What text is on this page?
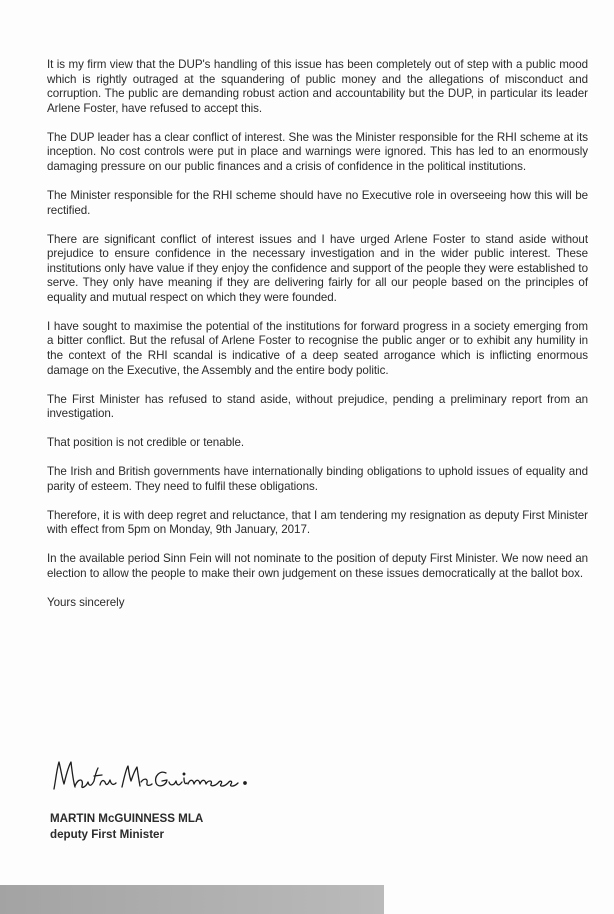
It is my firm view that the DUP's handling of this issue has been completely out of step with a public mood which is rightly outraged at the squandering of public money and the allegations of misconduct and corruption. The public are demanding robust action and accountability but the DUP, in particular its leader Arlene Foster, have refused to accept this.

The DUP leader has a clear conflict of interest. She was the Minister responsible for the RHI scheme at its inception. No cost controls were put in place and warnings were ignored. This has led to an enormously damaging pressure on our public finances and a crisis of confidence in the political institutions.

The Minister responsible for the RHI scheme should have no Executive role in overseeing how this will be rectified.

There are significant conflict of interest issues and I have urged Arlene Foster to stand aside without prejudice to ensure confidence in the necessary investigation and in the wider public interest. These institutions only have value if they enjoy the confidence and support of the people they were established to serve. They only have meaning if they are delivering fairly for all our people based on the principles of equality and mutual respect on which they were founded.

I have sought to maximise the potential of the institutions for forward progress in a society emerging from a bitter conflict. But the refusal of Arlene Foster to recognise the public anger or to exhibit any humility in the context of the RHI scandal is indicative of a deep seated arrogance which is inflicting enormous damage on the Executive, the Assembly and the entire body politic.

The First Minister has refused to stand aside, without prejudice, pending a preliminary report from an investigation.

That position is not credible or tenable.

The Irish and British governments have internationally binding obligations to uphold issues of equality and parity of esteem. They need to fulfil these obligations.

Therefore, it is with deep regret and reluctance, that I am tendering my resignation as deputy First Minister with effect from 5pm on Monday, 9th January, 2017.

In the available period Sinn Fein will not nominate to the position of deputy First Minister. We now need an election to allow the people to make their own judgement on these issues democratically at the ballot box.

Yours sincerely

MARTIN McGUINNESS MLA
deputy First Minister
